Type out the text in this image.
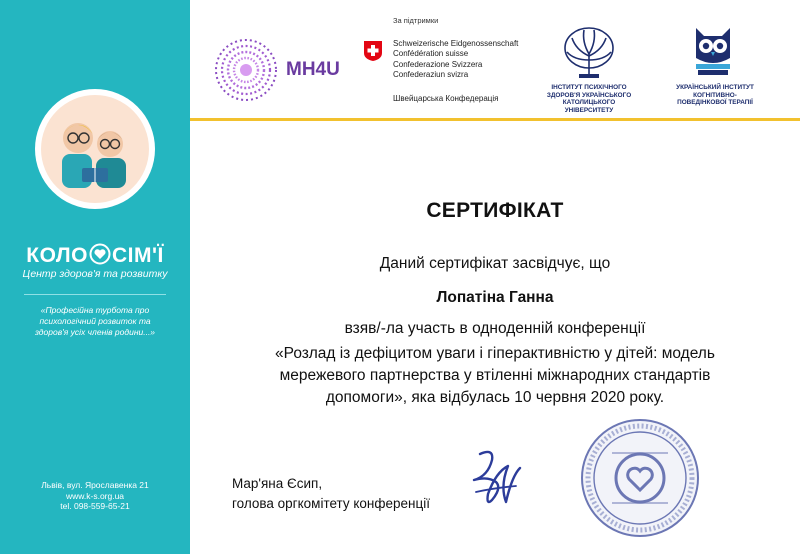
КОЛО СІМ'Ї
Центр здоров'я та розвитку
«Професійна турбота про
психологічний розвиток та
здоров'я усіх членів родини...»
Львів, вул. Ярославенка 21
www.k-s.org.ua
tel. 098-559-65-21
За підтримки
MH4U
Schweizerische Eidgenossenschaft
Confédération suisse
Confederazione Svizzera
Confederaziun svizra
Швейцарська Конфедерація
ІНСТИТУТ ПСИХІЧНОГО
ЗДОРОВ'Я УКРАЇНСЬКОГО
КАТОЛИЦЬКОГО
УНІВЕРСИТЕТУ
УКРАЇНСЬКИЙ ІНСТИТУТ
КОГНІТИВНО-
ПОВЕДІНКОВОЇ ТЕРАПІЇ
СЕРТИФІКАТ
Даний сертифікат засвідчує, що
Лопатіна Ганна
взяв/-ла участь в одноденній конференції
«Розлад із дефіцитом уваги і гіперактивністю у дітей: модель
мережевого партнерства у втіленні міжнародних стандартів
допомоги», яка відбулась 10 червня 2020 року.
Мар'яна Єсип,
голова оргкомітету конференції
